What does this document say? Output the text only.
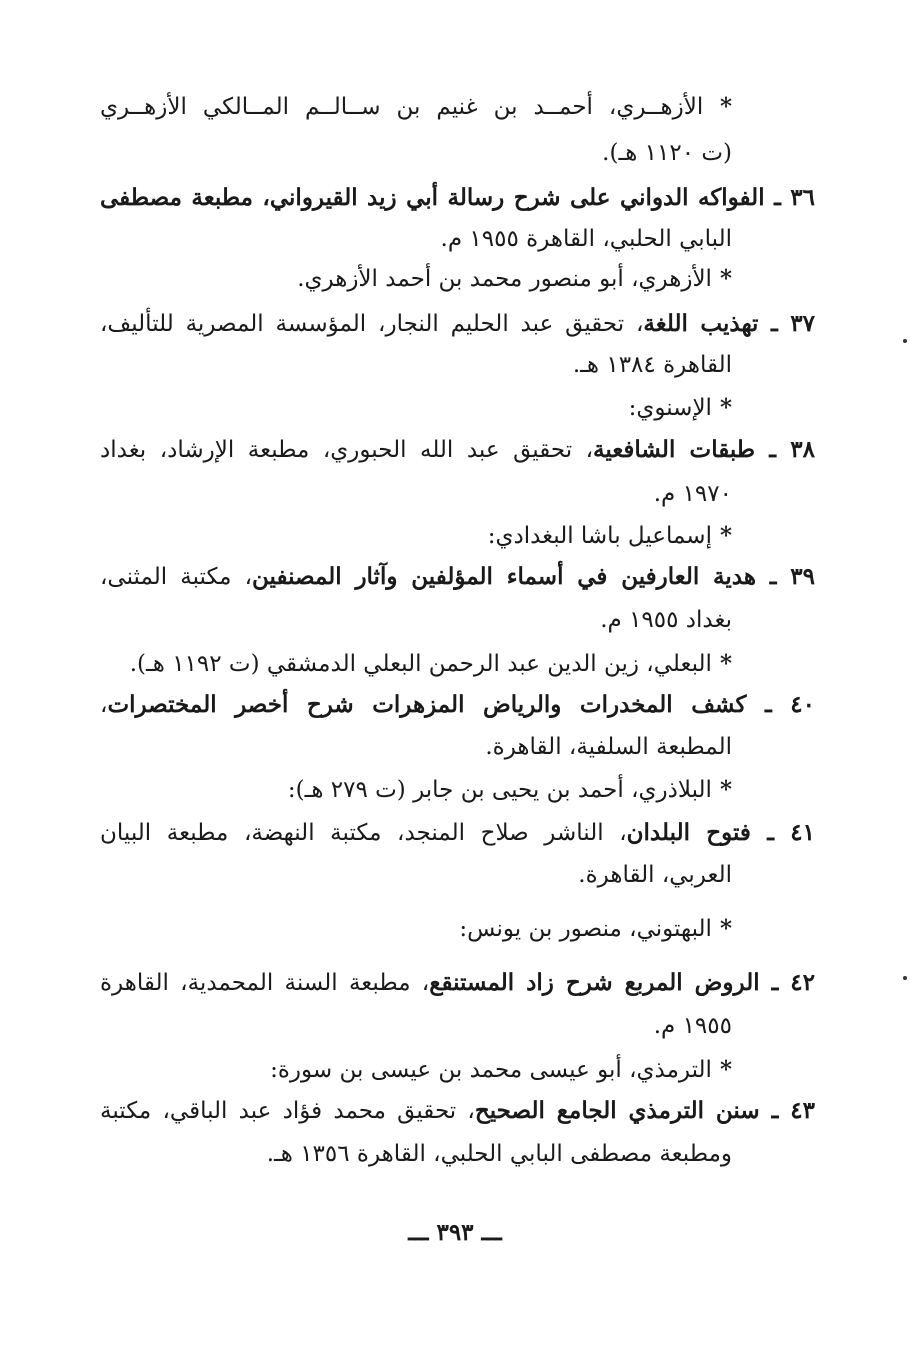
* الأزهــري، أحمــد بن غنيم بن ســالــم المــالكي الأزهــري
(ت ١١٢٠ هـ).
٣٦ ـ الفواكه الدواني على شرح رسالة أبي زيد القيرواني، مطبعة مصطفى
البابي الحلبي، القاهرة ١٩٥٥ م.
* الأزهري، أبو منصور محمد بن أحمد الأزهري.
٣٧ ـ تهذيب اللغة، تحقيق عبد الحليم النجار، المؤسسة المصرية للتأليف،
القاهرة ١٣٨٤ هـ.
* الإسنوي:
٣٨ ـ طبقات الشافعية، تحقيق عبد الله الحبوري، مطبعة الإرشاد، بغداد
١٩٧٠ م.
* إسماعيل باشا البغدادي:
٣٩ ـ هدية العارفين في أسماء المؤلفين وآثار المصنفين، مكتبة المثنى،
بغداد ١٩٥٥ م.
* البعلي، زين الدين عبد الرحمن البعلي الدمشقي (ت ١١٩٢ هـ).
٤٠ ـ كشف المخدرات والرياض المزهرات شرح أخصر المختصرات،
المطبعة السلفية، القاهرة.
* البلاذري، أحمد بن يحيى بن جابر (ت ٢٧٩ هـ):
٤١ ـ فتوح البلدان، الناشر صلاح المنجد، مكتبة النهضة، مطبعة البيان
العربي، القاهرة.
* البهتوني، منصور بن يونس:
٤٢ ـ الروض المربع شرح زاد المستنقع، مطبعة السنة المحمدية، القاهرة
١٩٥٥ م.
* الترمذي، أبو عيسى محمد بن عيسى بن سورة:
٤٣ ـ سنن الترمذي الجامع الصحيح، تحقيق محمد فؤاد عبد الباقي، مكتبة
ومطبعة مصطفى البابي الحلبي، القاهرة ١٣٥٦ هـ.
ـــ ٣٩٣ ـــ
